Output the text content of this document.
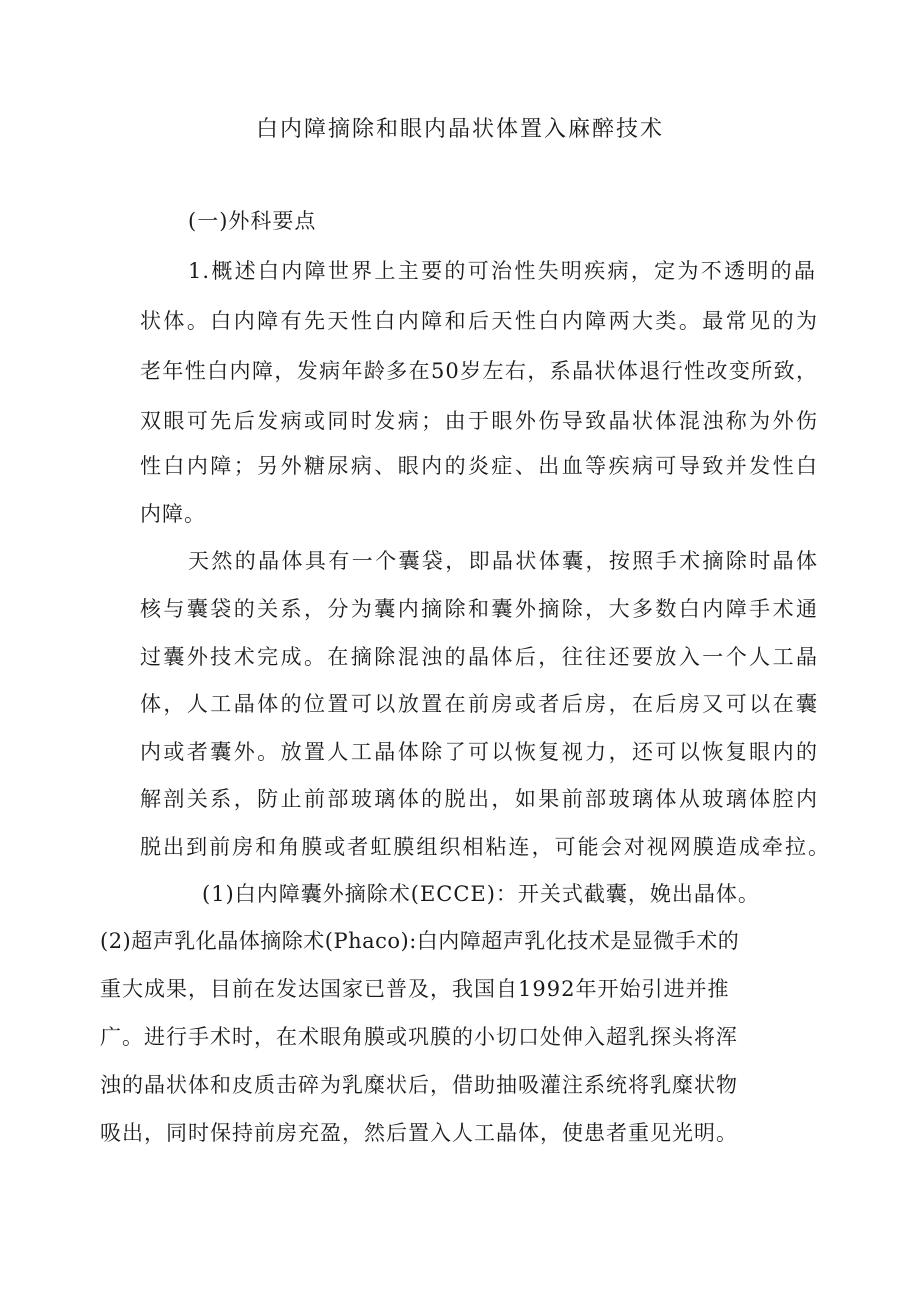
白内障摘除和眼内晶状体置入麻醉技术
(一)外科要点
1.概述白内障世界上主要的可治性失明疾病，定为不透明的晶
状体。白内障有先天性白内障和后天性白内障两大类。最常见的为
老年性白内障，发病年龄多在50岁左右，系晶状体退行性改变所致，
双眼可先后发病或同时发病；由于眼外伤导致晶状体混浊称为外伤
性白内障；另外糖尿病、眼内的炎症、出血等疾病可导致并发性白
内障。
天然的晶体具有一个囊袋，即晶状体囊，按照手术摘除时晶体
核与囊袋的关系，分为囊内摘除和囊外摘除，大多数白内障手术通
过囊外技术完成。在摘除混浊的晶体后，往往还要放入一个人工晶
体，人工晶体的位置可以放置在前房或者后房，在后房又可以在囊
内或者囊外。放置人工晶体除了可以恢复视力，还可以恢复眼内的
解剖关系，防止前部玻璃体的脱出，如果前部玻璃体从玻璃体腔内
脱出到前房和角膜或者虹膜组织相粘连，可能会对视网膜造成牵拉。
(1)白内障囊外摘除术(ECCE)：开关式截囊，娩出晶体。
(2)超声乳化晶体摘除术(Phaco):白内障超声乳化技术是显微手术的
重大成果，目前在发达国家已普及，我国自1992年开始引进并推
广。进行手术时，在术眼角膜或巩膜的小切口处伸入超乳探头将浑
浊的晶状体和皮质击碎为乳糜状后，借助抽吸灌注系统将乳糜状物
吸出，同时保持前房充盈，然后置入人工晶体，使患者重见光明。
